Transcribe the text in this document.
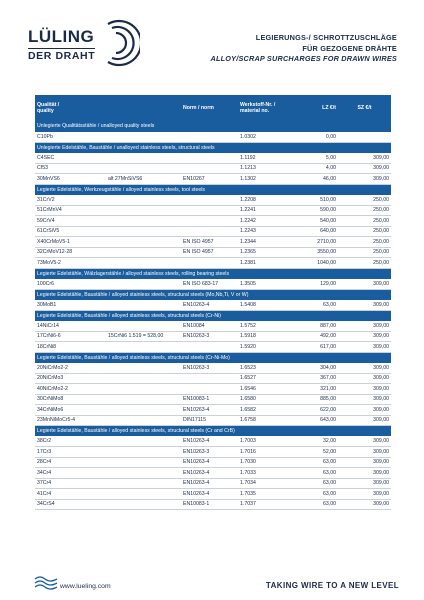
LÜLING
DER DRAHT
LEGIERUNGS-/ SCHROTTZUSCHLÄGE
FÜR GEZOGENE DRÄHTE
ALLOY/SCRAP SURCHARGES FOR DRAWN WIRES
Qualität /
quality		Norm / norm	Werkstoff-Nr. /
material no.	LZ €/t	SZ €/t
Unlegierte Qualitätsstähle / unalloyed quality steels					
C10Pb			1.0302	0,00	
Unlegierte Edelstähle, Baustähle / unalloyed stainless steels, structural steels					
C4SEC			1.1192	5,00	309,00
Cf53			1.1213	4,00	309,00
30MnVS6	alt 27MnSiVS6	EN10267	1.1302	46,00	309,00
Legierte Edelstähle, Werkzeugstähle / alloyed stainless steels, tool steels					
31CrV2			1.2208	510,00	250,00
51CrMnV4			1.2241	590,00	250,00
59CrV4			1.2242	540,00	250,00
61CrSiV5			1.2243	640,00	250,00
X40CrMoV5-1		EN ISO 4957	1.2344	2710,00	250,00
32CrMoV12-28		EN ISO 4957	1.2365	3550,00	250,00
73MoV5-2			1.2381	1040,00	250,00
Legierte Edelstähle, Wälzlagerstähle / alloyed stainless steels, rolling bearing steels					
100Cr6		EN ISO 683-17	1.3505	129,00	309,00
Legierte Edelstähle, Baustähle / alloyed stainless steels, structural steels (Mo,Nb,Ti, V or W)					
30MoB1		EN10263-4	1.5408	63,00	309,00
Legierte Edelstähle, Baustähle / alloyed stainless steels, structural steels (Cr-Ni)					
14NiCr14		EN10084	1.5752	887,00	309,00
17CrNi6-6	15CrNi6 1.519 = 528,00	EN10263-3	1.5918	492,00	309,00
18CrNi8			1.5920	617,00	309,00
Legierte Edelstähle, Baustähle / alloyed stainless steels, structural steels (Cr-Ni-Mo)					
20NiCrMo2-2		EN10263-3	1.6523	304,00	309,00
20NiCrMo3			1.6527	367,00	309,00
40NiCrMo2-2			1.6546	321,00	309,00
30CrNiMo8		EN10083-1	1.6580	885,00	309,00
34CrNiMo6		EN10263-4	1.6582	622,00	309,00
23MnNiMoCr5-4		DIN17115	1.6758	643,00	309,00
Legierte Edelstähle, Baustähle / alloyed stainless steels, structural steels (Cr and CrB)					
38Cr2		EN10263-4	1.7003	32,00	309,00
17Cr3		EN10263-3	1.7016	52,00	309,00
28Cr4		EN10263-4	1.7030	63,00	309,00
34Cr4		EN10263-4	1.7033	63,00	309,00
37Cr4		EN10263-4	1.7034	63,00	309,00
41Cr4		EN10263-4	1.7035	63,00	309,00
34CrS4		EN10083-1	1.7037	63,00	309,00
www.lueling.com	TAKING WIRE TO A NEW LEVEL
